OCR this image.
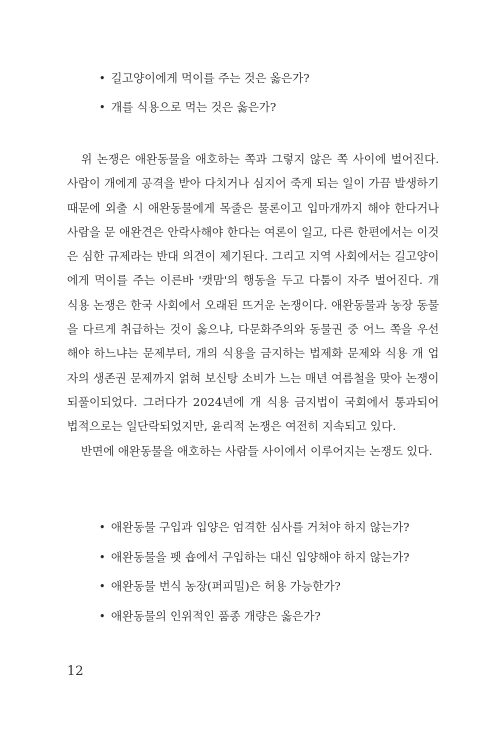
• 길고양이에게 먹이를 주는 것은 옳은가?
• 개를 식용으로 먹는 것은 옳은가?

위 논쟁은 애완동물을 애호하는 쪽과 그렇지 않은 쪽 사이에 벌어진다. 사람이 개에게 공격을 받아 다치거나 심지어 죽게 되는 일이 가끔 발생하기 때문에 외출 시 애완동물에게 목줄은 물론이고 입마개까지 해야 한다거나 사람을 문 애완견은 안락사해야 한다는 여론이 일고, 다른 한편에서는 이것은 심한 규제라는 반대 의견이 제기된다. 그리고 지역 사회에서는 길고양이에게 먹이를 주는 이른바 '캣맘'의 행동을 두고 다툼이 자주 벌어진다. 개 식용 논쟁은 한국 사회에서 오래된 뜨거운 논쟁이다. 애완동물과 농장 동물을 다르게 취급하는 것이 옳으냐, 다문화주의와 동물권 중 어느 쪽을 우선해야 하느냐는 문제부터, 개의 식용을 금지하는 법제화 문제와 식용 개 업자의 생존권 문제까지 얽혀 보신탕 소비가 느는 매년 여름철을 맞아 논쟁이 되풀이되었다. 그러다가 2024년에 개 식용 금지법이 국회에서 통과되어 법적으로는 일단락되었지만, 윤리적 논쟁은 여전히 지속되고 있다.

반면에 애완동물을 애호하는 사람들 사이에서 이루어지는 논쟁도 있다.

• 애완동물 구입과 입양은 엄격한 심사를 거쳐야 하지 않는가?
• 애완동물을 펫 숍에서 구입하는 대신 입양해야 하지 않는가?
• 애완동물 번식 농장(퍼피밀)은 허용 가능한가?
• 애완동물의 인위적인 품종 개량은 옳은가?
12
